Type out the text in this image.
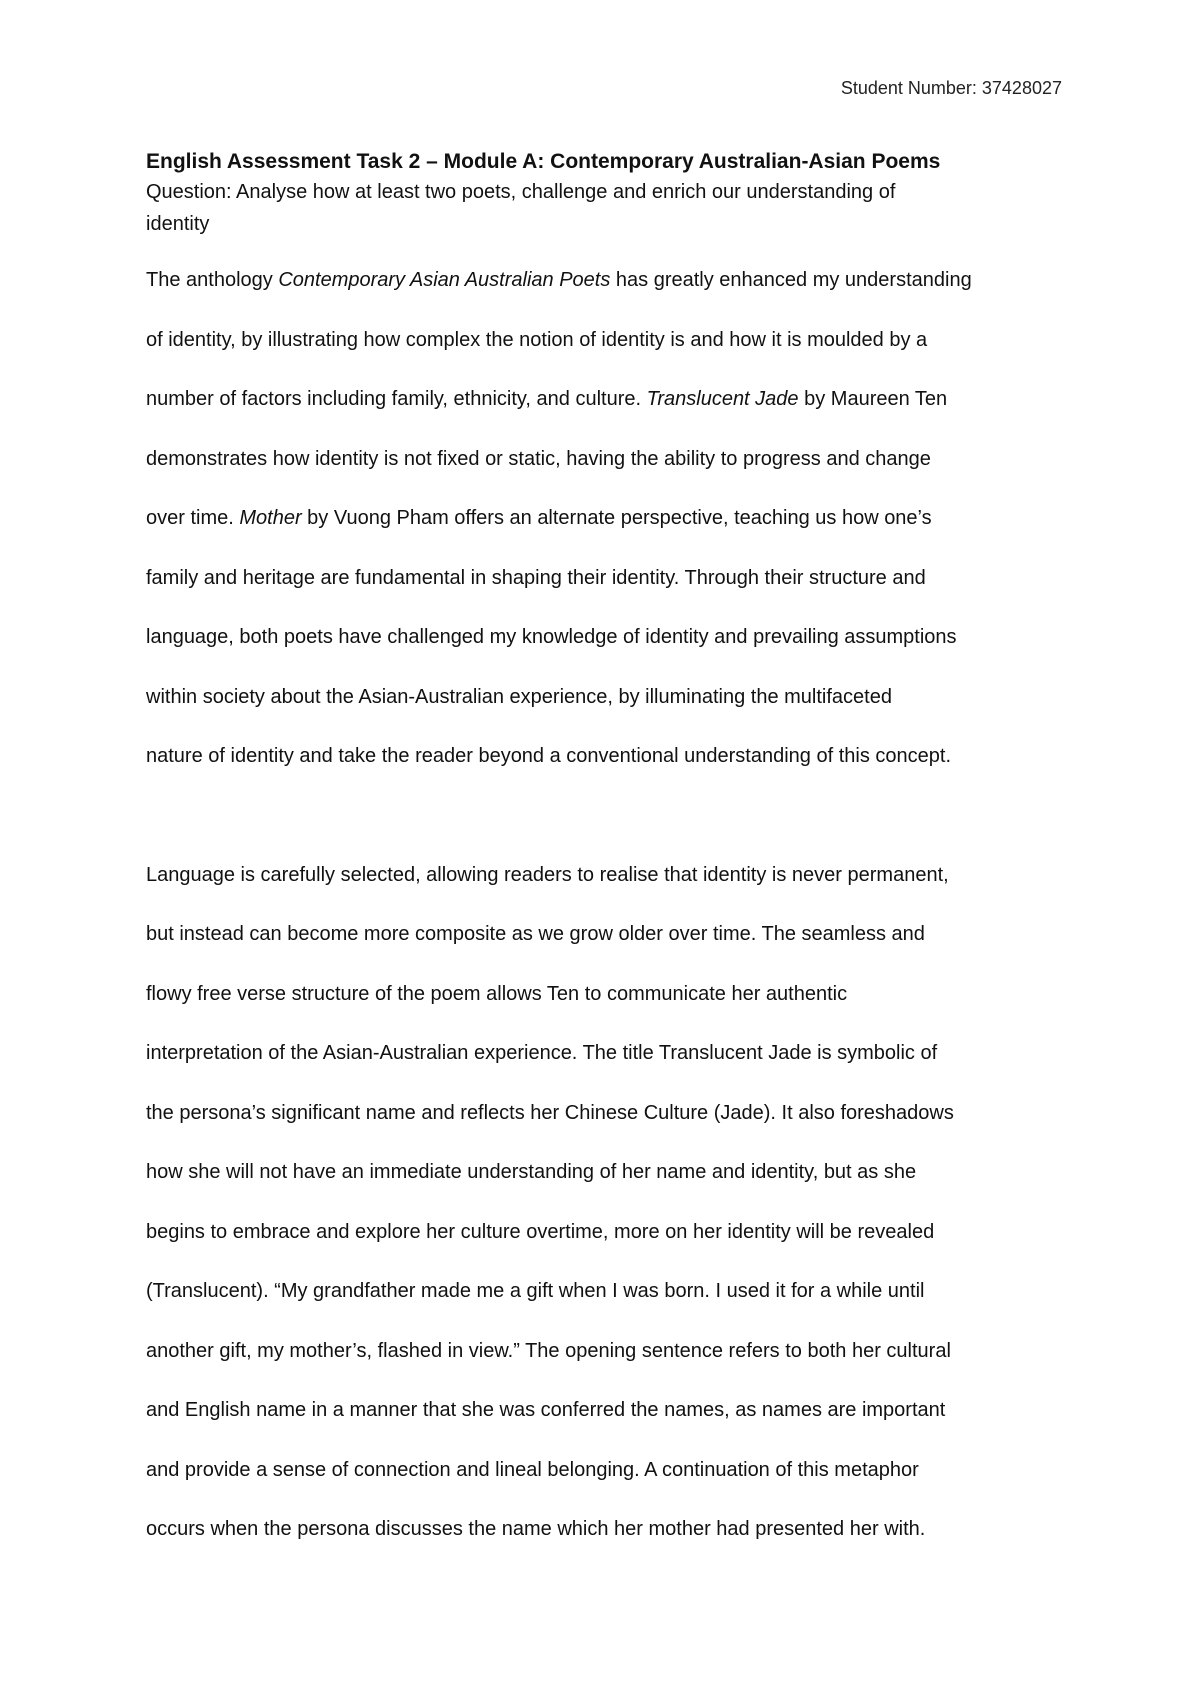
Student Number: 37428027
English Assessment Task 2 – Module A: Contemporary Australian-Asian Poems
Question: Analyse how at least two poets, challenge and enrich our understanding of
identity

The anthology Contemporary Asian Australian Poets has greatly enhanced my understanding
of identity, by illustrating how complex the notion of identity is and how it is moulded by a
number of factors including family, ethnicity, and culture. Translucent Jade by Maureen Ten
demonstrates how identity is not fixed or static, having the ability to progress and change
over time. Mother by Vuong Pham offers an alternate perspective, teaching us how one’s
family and heritage are fundamental in shaping their identity. Through their structure and
language, both poets have challenged my knowledge of identity and prevailing assumptions
within society about the Asian-Australian experience, by illuminating the multifaceted
nature of identity and take the reader beyond a conventional understanding of this concept.

Language is carefully selected, allowing readers to realise that identity is never permanent,
but instead can become more composite as we grow older over time. The seamless and
flowy free verse structure of the poem allows Ten to communicate her authentic
interpretation of the Asian-Australian experience. The title Translucent Jade is symbolic of
the persona’s significant name and reflects her Chinese Culture (Jade). It also foreshadows
how she will not have an immediate understanding of her name and identity, but as she
begins to embrace and explore her culture overtime, more on her identity will be revealed
(Translucent). “My grandfather made me a gift when I was born. I used it for a while until
another gift, my mother’s, flashed in view.” The opening sentence refers to both her cultural
and English name in a manner that she was conferred the names, as names are important
and provide a sense of connection and lineal belonging. A continuation of this metaphor
occurs when the persona discusses the name which her mother had presented her with.
